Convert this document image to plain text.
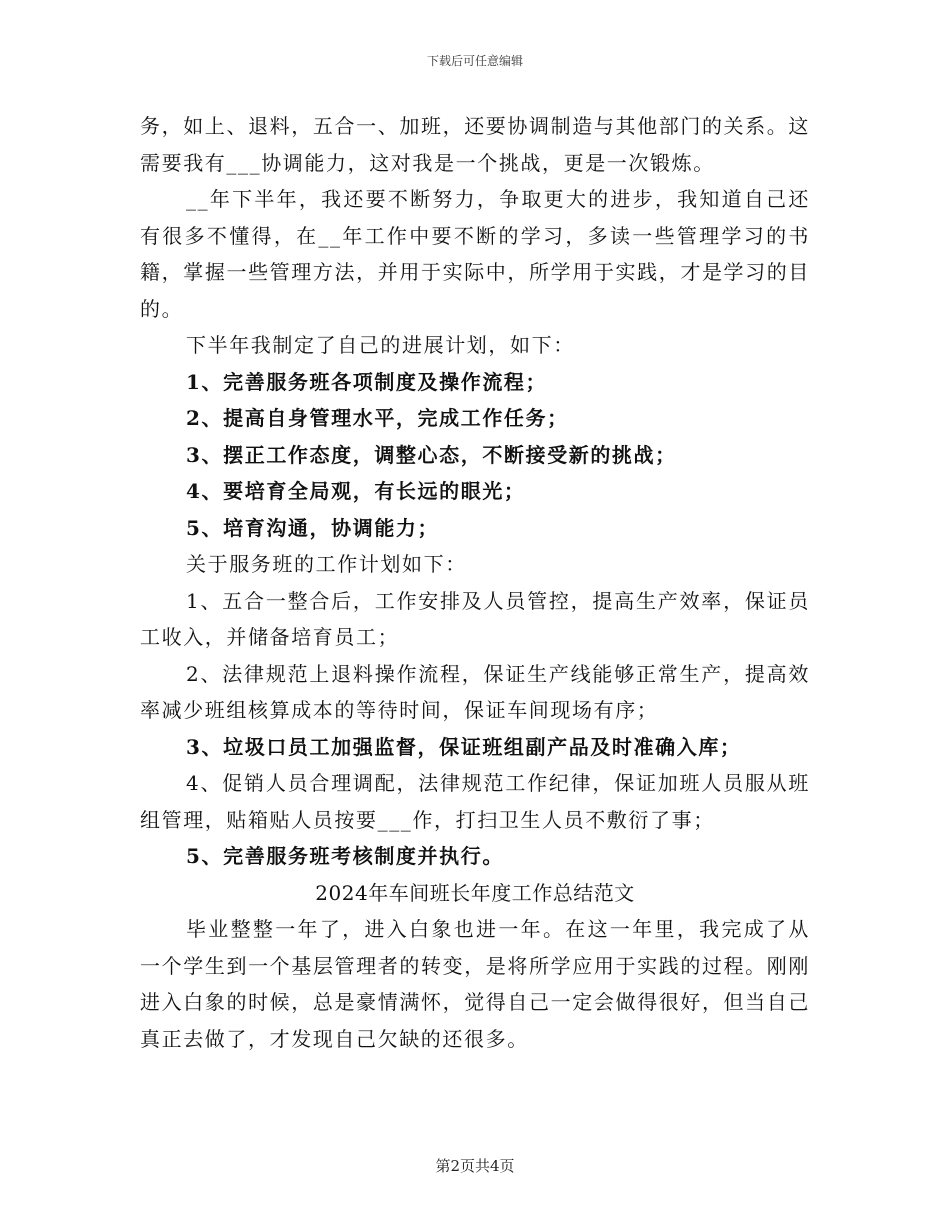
下载后可任意编辑

务，如上、退料，五合一、加班，还要协调制造与其他部门的关系。这需要我有___协调能力，这对我是一个挑战，更是一次锻炼。

__年下半年，我还要不断努力，争取更大的进步，我知道自己还有很多不懂得，在__年工作中要不断的学习，多读一些管理学习的书籍，掌握一些管理方法，并用于实际中，所学用于实践，才是学习的目的。

下半年我制定了自己的进展计划，如下：

1、完善服务班各项制度及操作流程；

2、提高自身管理水平，完成工作任务；

3、摆正工作态度，调整心态，不断接受新的挑战；

4、要培育全局观，有长远的眼光；

5、培育沟通，协调能力；

关于服务班的工作计划如下：

1、五合一整合后，工作安排及人员管控，提高生产效率，保证员工收入，并储备培育员工；

2、法律规范上退料操作流程，保证生产线能够正常生产，提高效率减少班组核算成本的等待时间，保证车间现场有序；

3、垃圾口员工加强监督，保证班组副产品及时准确入库；

4、促销人员合理调配，法律规范工作纪律，保证加班人员服从班组管理，贴箱贴人员按要___作，打扫卫生人员不敷衍了事；

5、完善服务班考核制度并执行。

2024年车间班长年度工作总结范文

毕业整整一年了，进入白象也进一年。在这一年里，我完成了从一个学生到一个基层管理者的转变，是将所学应用于实践的过程。刚刚进入白象的时候，总是豪情满怀，觉得自己一定会做得很好，但当自己真正去做了，才发现自己欠缺的还很多。

第2页共4页
